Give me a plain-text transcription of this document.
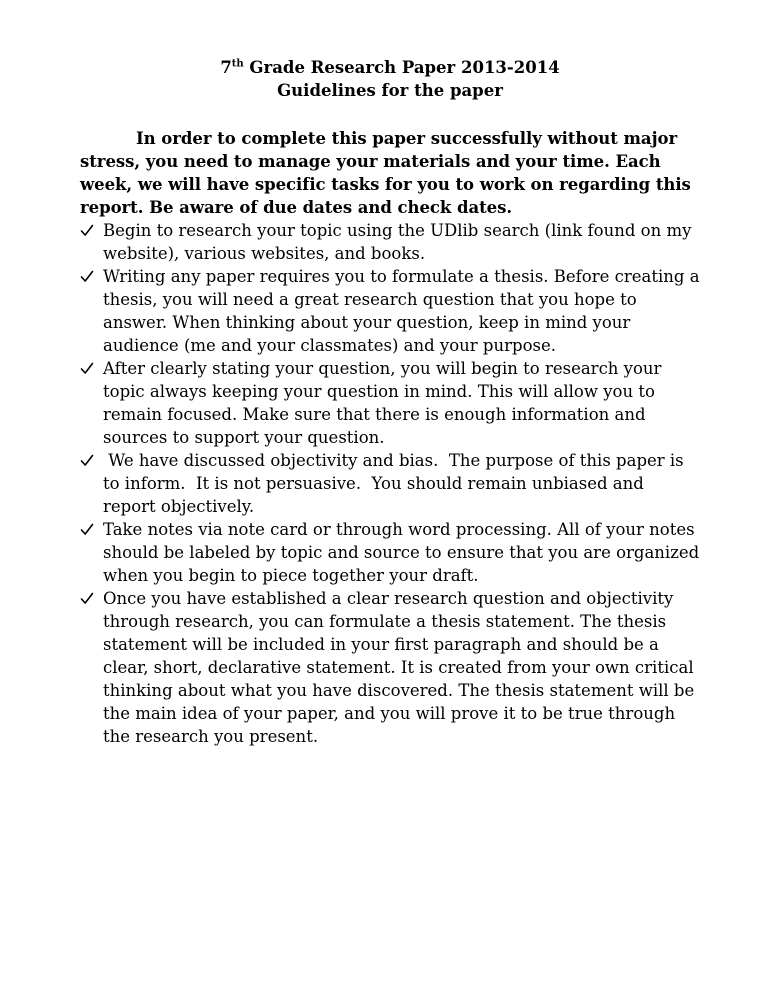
7th Grade Research Paper 2013-2014
Guidelines for the paper

In order to complete this paper successfully without major stress, you need to manage your materials and your time. Each week, we will have specific tasks for you to work on regarding this report. Be aware of due dates and check dates.

Begin to research your topic using the UDlib search (link found on my website), various websites, and books.
Writing any paper requires you to formulate a thesis. Before creating a thesis, you will need a great research question that you hope to answer. When thinking about your question, keep in mind your audience (me and your classmates) and your purpose.
After clearly stating your question, you will begin to research your topic always keeping your question in mind. This will allow you to remain focused. Make sure that there is enough information and sources to support your question.
We have discussed objectivity and bias.  The purpose of this paper is to inform.  It is not persuasive.  You should remain unbiased and report objectively.
Take notes via note card or through word processing. All of your notes should be labeled by topic and source to ensure that you are organized when you begin to piece together your draft.
Once you have established a clear research question and objectivity through research, you can formulate a thesis statement. The thesis statement will be included in your first paragraph and should be a clear, short, declarative statement. It is created from your own critical thinking about what you have discovered. The thesis statement will be the main idea of your paper, and you will prove it to be true through the research you present.
